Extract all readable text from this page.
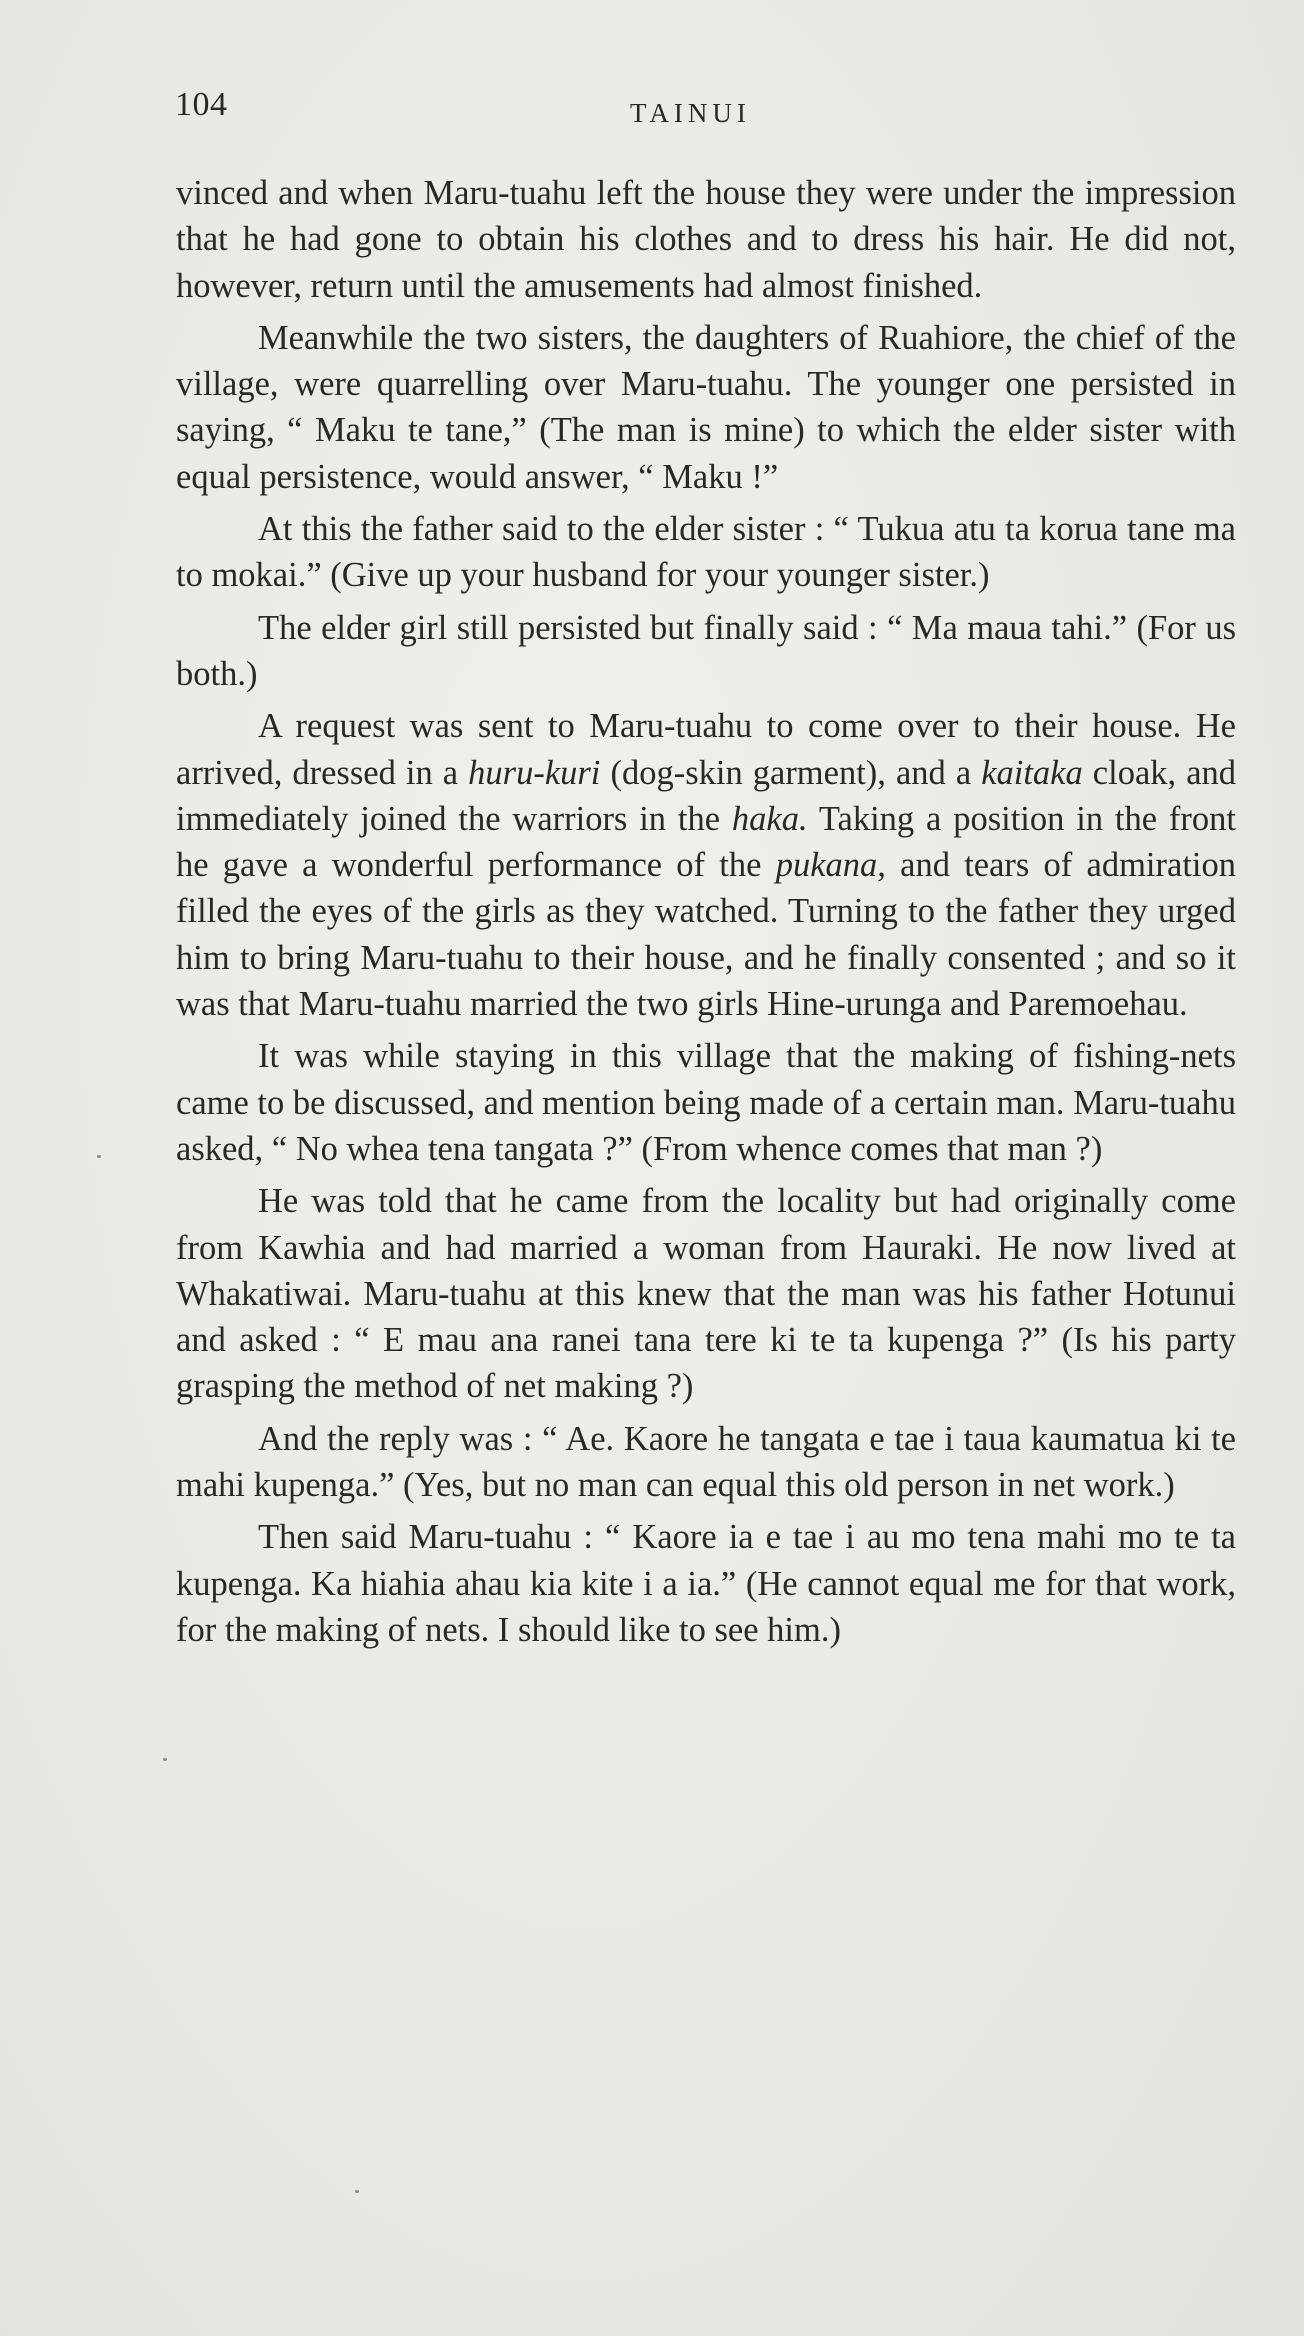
104	TAINUI

vinced and when Maru-tuahu left the house they were under the impression that he had gone to obtain his clothes and to dress his hair. He did not, however, return until the amusements had almost finished.

Meanwhile the two sisters, the daughters of Ruahiore, the chief of the village, were quarrelling over Maru-tuahu. The younger one persisted in saying, “ Maku te tane,” (The man is mine) to which the elder sister with equal persistence, would answer, “ Maku !”

At this the father said to the elder sister : “ Tukua atu ta korua tane ma to mokai.” (Give up your husband for your younger sister.)

The elder girl still persisted but finally said : “ Ma maua tahi.” (For us both.)

A request was sent to Maru-tuahu to come over to their house. He arrived, dressed in a huru-kuri (dog-skin garment), and a kaitaka cloak, and immediately joined the warriors in the haka. Taking a position in the front he gave a wonderful performance of the pukana, and tears of admiration filled the eyes of the girls as they watched. Turning to the father they urged him to bring Maru-tuahu to their house, and he finally consented ; and so it was that Maru-tuahu married the two girls Hine-urunga and Paremoehau.

It was while staying in this village that the making of fishing-nets came to be discussed, and mention being made of a certain man. Maru-tuahu asked, “ No whea tena tangata ?” (From whence comes that man ?)

He was told that he came from the locality but had originally come from Kawhia and had married a woman from Hauraki. He now lived at Whakatiwai. Maru-tuahu at this knew that the man was his father Hotunui and asked : “ E mau ana ranei tana tere ki te ta kupenga ?” (Is his party grasping the method of net making ?)

And the reply was : “ Ae. Kaore he tangata e tae i taua kaumatua ki te mahi kupenga.” (Yes, but no man can equal this old person in net work.)

Then said Maru-tuahu : “ Kaore ia e tae i au mo tena mahi mo te ta kupenga. Ka hiahia ahau kia kite i a ia.” (He cannot equal me for that work, for the making of nets. I should like to see him.)
